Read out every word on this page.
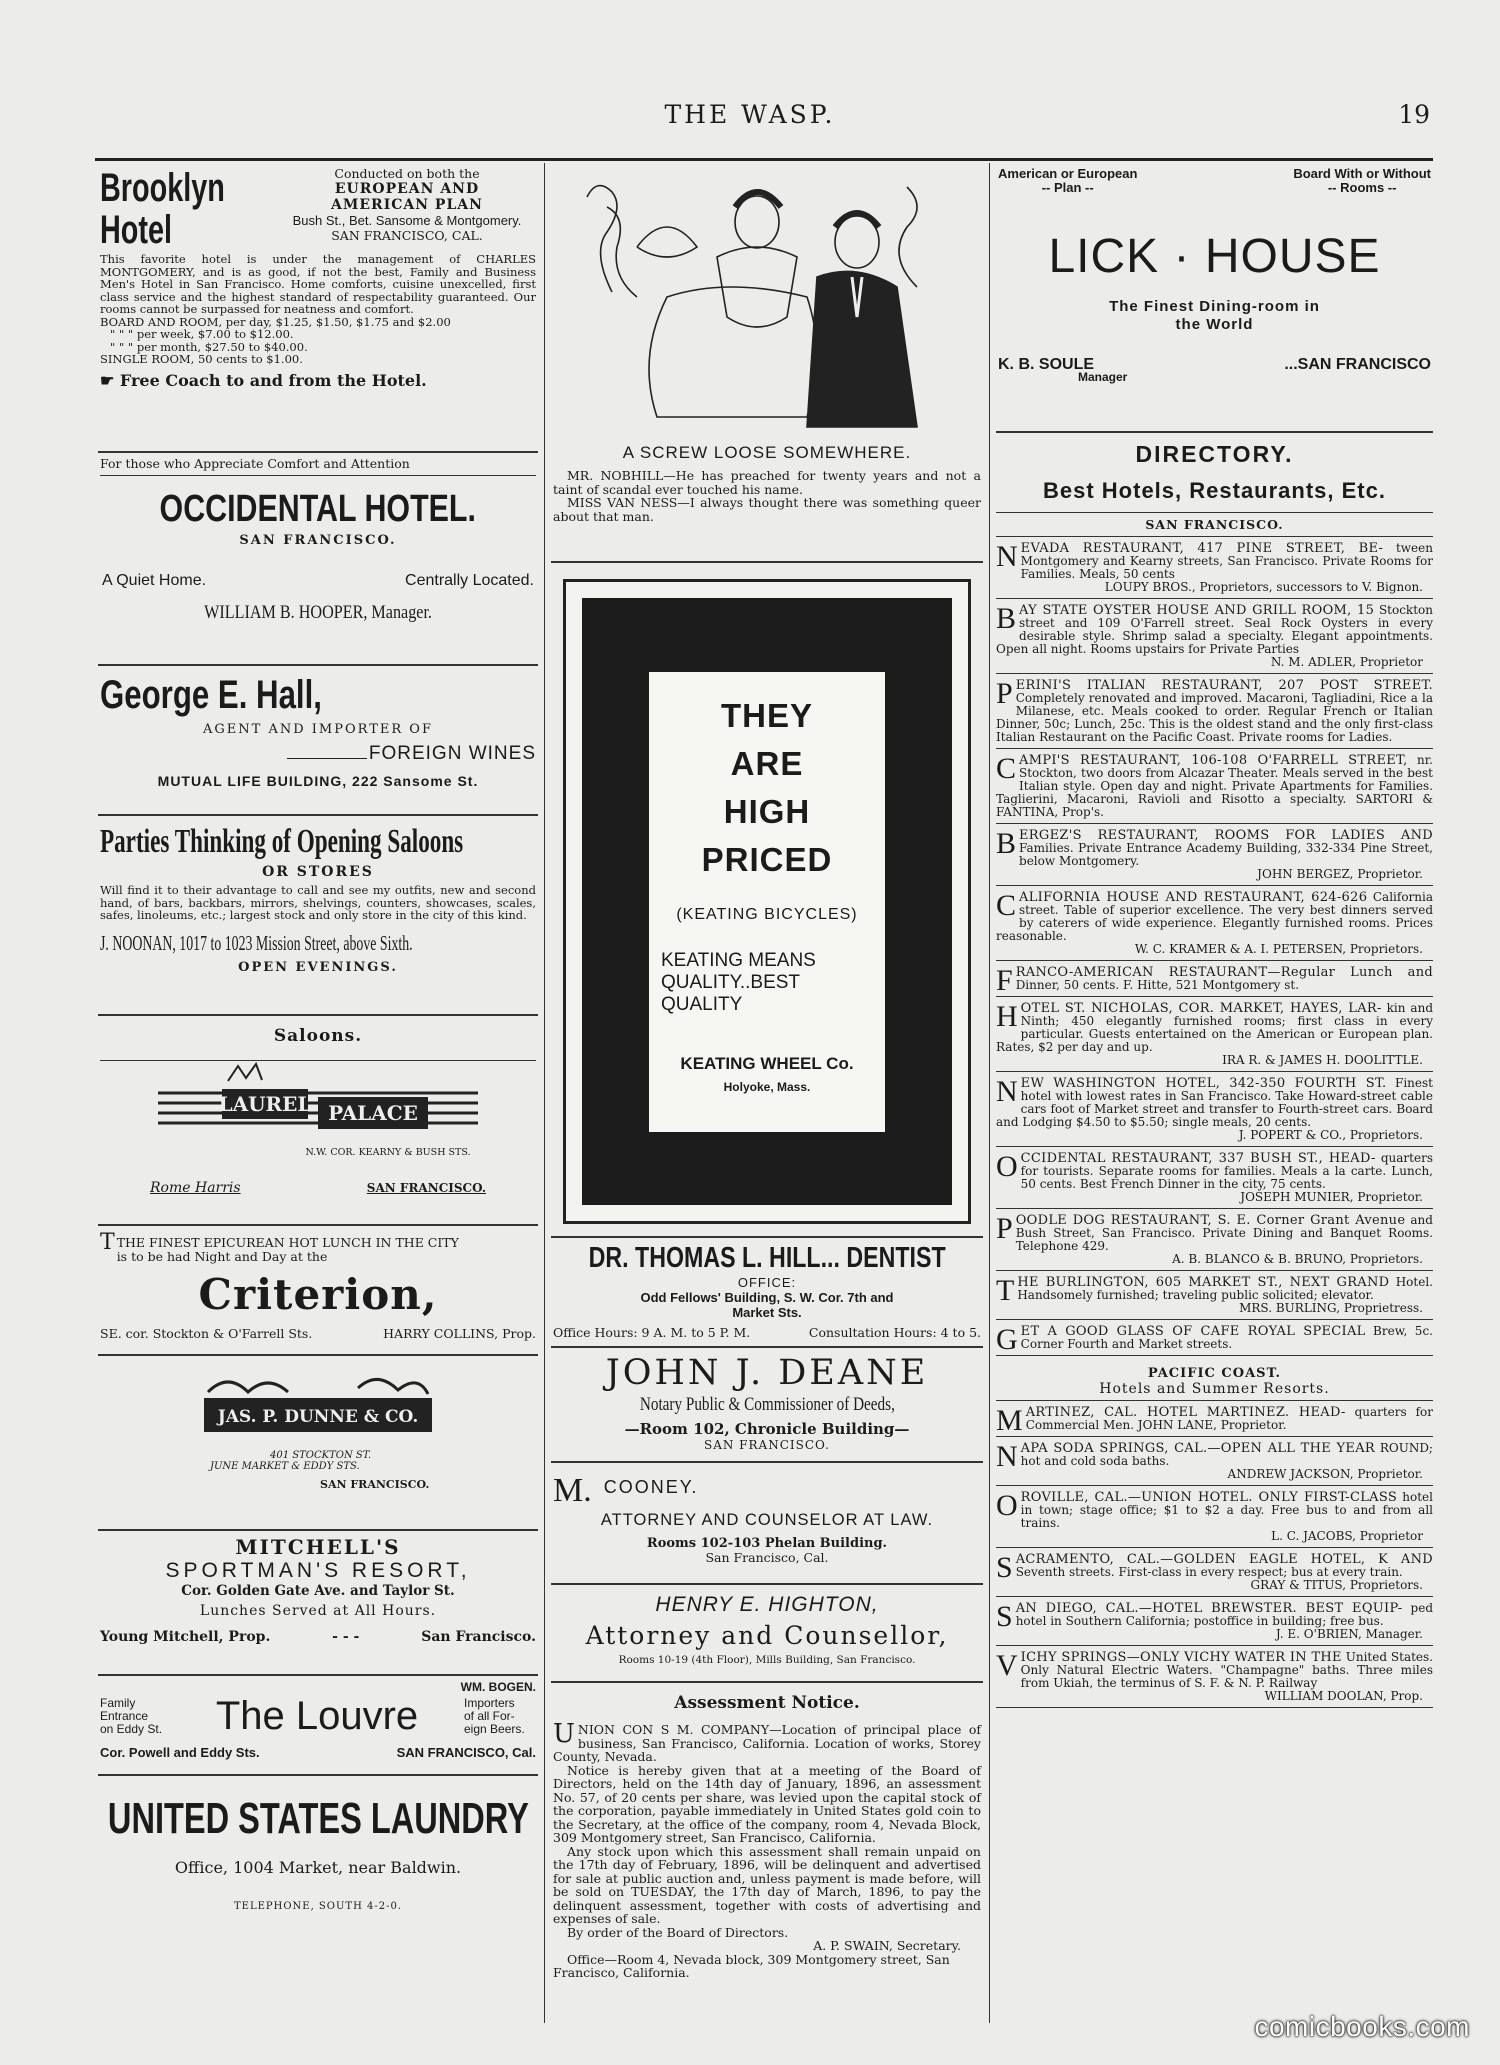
THE WASP.	19
Brooklyn Hotel
Conducted on both the
EUROPEAN AND
AMERICAN PLAN
Bush St., Bet. Sansome & Montgomery.
SAN FRANCISCO, CAL.
This favorite hotel is under the management of CHARLES MONTGOMERY, and is as good, if not the best, Family and Business Men's Hotel in San Francisco. Home comforts, cuisine unexcelled, first class service and the highest standard of respectability guaranteed. Our rooms cannot be surpassed for neatness and comfort.
BOARD AND ROOM, per day, $1.25, $1.50, $1.75 and $2.00
" " " per week, $7.00 to $12.00.
" " " per month, $27.50 to $40.00.
SINGLE ROOM, 50 cents to $1.00.
☛ Free Coach to and from the Hotel.
For those who Appreciate Comfort and Attention
OCCIDENTAL HOTEL.
SAN FRANCISCO.
A Quiet Home.	Centrally Located.
WILLIAM B. HOOPER, Manager.
George E. Hall,
AGENT AND IMPORTER OF
FOREIGN WINES
MUTUAL LIFE BUILDING, 222 Sansome St.
Parties Thinking of Opening Saloons
OR STORES
Will find it to their advantage to call and see my outfits, new and second hand, of bars, backbars, mirrors, shelvings, counters, showcases, scales, safes, linoleums, etc.; largest stock and only store in the city of this kind.
J. NOONAN, 1017 to 1023 Mission Street, above Sixth.
OPEN EVENINGS.
Saloons.
LAUREL PALACE
N.W. COR. KEARNY & BUSH STS.
Rome Harris	SAN FRANCISCO.
TTHE FINEST EPICUREAN HOT LUNCH IN THE CITY
is to be had Night and Day at the
Criterion,
SE. cor. Stockton & O'Farrell Sts.	HARRY COLLINS, Prop.
JAS. P. DUNNE & CO.
401 STOCKTON ST.
JUNE MARKET & EDDY STS.
SAN FRANCISCO.
MITCHELL'S
SPORTMAN'S RESORT,
Cor. Golden Gate Ave. and Taylor St.
Lunches Served at All Hours.
Young Mitchell, Prop.	- - -	San Francisco.
WM. BOGEN.
Family
Entrance
on Eddy St.	The Louvre	Importers
of all For-
eign Beers.
Cor. Powell and Eddy Sts.	SAN FRANCISCO, Cal.
UNITED STATES LAUNDRY
Office, 1004 Market, near Baldwin.
TELEPHONE, SOUTH 4-2-0.
A SCREW LOOSE SOMEWHERE.
MR. NOBHILL—He has preached for twenty years and not a taint of scandal ever touched his name.
MISS VAN NESS—I always thought there was something queer about that man.
THEY
ARE
HIGH
PRICED
(KEATING BICYCLES)
KEATING MEANS
QUALITY..BEST
QUALITY
KEATING WHEEL Co.
Holyoke, Mass.
DR. THOMAS L. HILL... DENTIST
OFFICE:
Odd Fellows' Building, S. W. Cor. 7th and
Market Sts.
Office Hours: 9 A. M. to 5 P. M.	Consultation Hours: 4 to 5.
JOHN J. DEANE
Notary Public & Commissioner of Deeds,
—Room 102, Chronicle Building—
SAN FRANCISCO.
M. COONEY.
ATTORNEY AND COUNSELOR AT LAW.
Rooms 102-103 Phelan Building.
San Francisco, Cal.
HENRY E. HIGHTON,
Attorney and Counsellor,
Rooms 10-19 (4th Floor), Mills Building, San Francisco.
Assessment Notice.
UNION CON S M. COMPANY—Location of principal place of business, San Francisco, California. Location of works, Storey County, Nevada.
Notice is hereby given that at a meeting of the Board of Directors, held on the 14th day of January, 1896, an assessment No. 57, of 20 cents per share, was levied upon the capital stock of the corporation, payable immediately in United States gold coin to the Secretary, at the office of the company, room 4, Nevada Block, 309 Montgomery street, San Francisco, California.
Any stock upon which this assessment shall remain unpaid on the 17th day of February, 1896, will be delinquent and advertised for sale at public auction and, unless payment is made before, will be sold on TUESDAY, the 17th day of March, 1896, to pay the delinquent assessment, together with costs of advertising and expenses of sale.
By order of the Board of Directors.
A. P. SWAIN, Secretary.
Office—Room 4, Nevada block, 309 Montgomery street, San Francisco, California.
American or European
-- Plan --
Board With or Without
-- Rooms --
LICK · HOUSE
The Finest Dining-room in
the World
K. B. SOULE
Manager
...SAN FRANCISCO
DIRECTORY.
Best Hotels, Restaurants, Etc.
SAN FRANCISCO.
NEVADA RESTAURANT, 417 PINE STREET, BE- tween Montgomery and Kearny streets, San Francisco. Private Rooms for Families. Meals, 50 cents
LOUPY BROS., Proprietors, successors to V. Bignon.
BAY STATE OYSTER HOUSE AND GRILL ROOM, 15 Stockton street and 109 O'Farrell street. Seal Rock Oysters in every desirable style. Shrimp salad a specialty. Elegant appointments. Open all night. Rooms upstairs for Private Parties
N. M. ADLER, Proprietor
PERINI'S ITALIAN RESTAURANT, 207 POST STREET. Completely renovated and improved. Macaroni, Tagliadini, Rice a la Milanese, etc. Meals cooked to order. Regular French or Italian Dinner, 50c; Lunch, 25c. This is the oldest stand and the only first-class Italian Restaurant on the Pacific Coast. Private rooms for Ladies.
CAMPI'S RESTAURANT, 106-108 O'FARRELL STREET, nr. Stockton, two doors from Alcazar Theater. Meals served in the best Italian style. Open day and night. Private Apartments for Families. Taglierini, Macaroni, Ravioli and Risotto a specialty. SARTORI & FANTINA, Prop's.
BERGEZ'S RESTAURANT, ROOMS FOR LADIES AND Families. Private Entrance Academy Building, 332-334 Pine Street, below Montgomery.
JOHN BERGEZ, Proprietor.
CALIFORNIA HOUSE AND RESTAURANT, 624-626 California street. Table of superior excellence. The very best dinners served by caterers of wide experience. Elegantly furnished rooms. Prices reasonable.
W. C. KRAMER & A. I. PETERSEN, Proprietors.
FRANCO-AMERICAN RESTAURANT—Regular Lunch and Dinner, 50 cents. F. Hitte, 521 Montgomery st.
HOTEL ST. NICHOLAS, COR. MARKET, HAYES, LAR- kin and Ninth; 450 elegantly furnished rooms; first class in every particular. Guests entertained on the American or European plan. Rates, $2 per day and up.
IRA R. & JAMES H. DOOLITTLE.
NEW WASHINGTON HOTEL, 342-350 FOURTH ST. Finest hotel with lowest rates in San Francisco. Take Howard-street cable cars foot of Market street and transfer to Fourth-street cars. Board and Lodging $4.50 to $5.50; single meals, 20 cents.
J. POPERT & CO., Proprietors.
OCCIDENTAL RESTAURANT, 337 BUSH ST., HEAD- quarters for tourists. Separate rooms for families. Meals a la carte. Lunch, 50 cents. Best French Dinner in the city, 75 cents.
JOSEPH MUNIER, Proprietor.
POODLE DOG RESTAURANT, S. E. Corner Grant Avenue and Bush Street, San Francisco. Private Dining and Banquet Rooms. Telephone 429.
A. B. BLANCO & B. BRUNO, Proprietors.
THE BURLINGTON, 605 MARKET ST., NEXT GRAND Hotel. Handsomely furnished; traveling public solicited; elevator.
MRS. BURLING, Proprietress.
GET A GOOD GLASS OF CAFE ROYAL SPECIAL Brew, 5c. Corner Fourth and Market streets.
PACIFIC COAST.
Hotels and Summer Resorts.
MARTINEZ, CAL. HOTEL MARTINEZ. HEAD- quarters for Commercial Men. JOHN LANE, Proprietor.
NAPA SODA SPRINGS, CAL.—OPEN ALL THE YEAR ROUND; hot and cold soda baths.
ANDREW JACKSON, Proprietor.
OROVILLE, CAL.—UNION HOTEL. ONLY FIRST-CLASS hotel in town; stage office; $1 to $2 a day. Free bus to and from all trains.
L. C. JACOBS, Proprietor
SACRAMENTO, CAL.—GOLDEN EAGLE HOTEL, K AND Seventh streets. First-class in every respect; bus at every train.
GRAY & TITUS, Proprietors.
SAN DIEGO, CAL.—HOTEL BREWSTER. BEST EQUIP- ped hotel in Southern California; postoffice in building; free bus.
J. E. O'BRIEN, Manager.
VICHY SPRINGS—ONLY VICHY WATER IN THE United States. Only Natural Electric Waters. "Champagne" baths. Three miles from Ukiah, the terminus of S. F. & N. P. Railway
WILLIAM DOOLAN, Prop.
comicbooks.com
